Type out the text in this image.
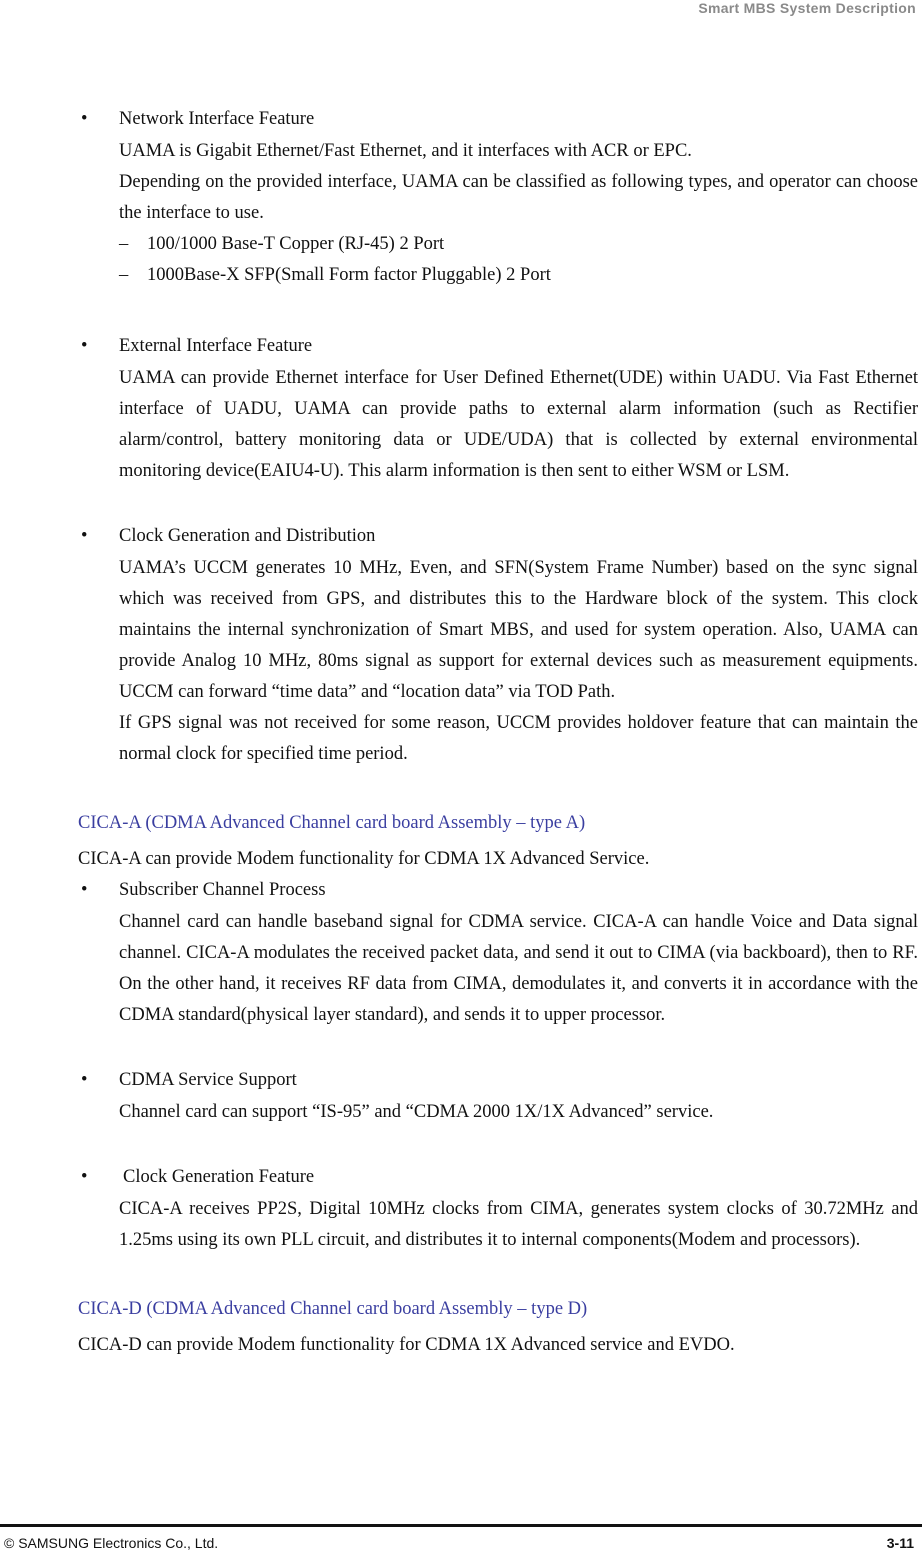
Smart MBS System Description

•	Network Interface Feature

UAMA is Gigabit Ethernet/Fast Ethernet, and it interfaces with ACR or EPC.

Depending on the provided interface, UAMA can be classified as following types, and operator can choose the interface to use.

–	100/1000 Base-T Copper (RJ-45) 2 Port
–	1000Base-X SFP(Small Form factor Pluggable) 2 Port

•	External Interface Feature

UAMA can provide Ethernet interface for User Defined Ethernet(UDE) within UADU. Via Fast Ethernet interface of UADU, UAMA can provide paths to external alarm information (such as Rectifier alarm/control, battery monitoring data or UDE/UDA) that is collected by external environmental monitoring device(EAIU4-U). This alarm information is then sent to either WSM or LSM.

•	Clock Generation and Distribution

UAMA’s UCCM generates 10 MHz, Even, and SFN(System Frame Number) based on the sync signal which was received from GPS, and distributes this to the Hardware block of the system. This clock maintains the internal synchronization of Smart MBS, and used for system operation. Also, UAMA can provide Analog 10 MHz, 80ms signal as support for external devices such as measurement equipments. UCCM can forward “time data” and “location data” via TOD Path.

If GPS signal was not received for some reason, UCCM provides holdover feature that can maintain the normal clock for specified time period.

CICA-A (CDMA Advanced Channel card board Assembly – type A)

CICA-A can provide Modem functionality for CDMA 1X Advanced Service.

•	Subscriber Channel Process

Channel card can handle baseband signal for CDMA service. CICA-A can handle Voice and Data signal channel. CICA-A modulates the received packet data, and send it out to CIMA (via backboard), then to RF. On the other hand, it receives RF data from CIMA, demodulates it, and converts it in accordance with the CDMA standard(physical layer standard), and sends it to upper processor.

•	CDMA Service Support

Channel card can support “IS-95” and “CDMA 2000 1X/1X Advanced” service.

•	Clock Generation Feature

CICA-A receives PP2S, Digital 10MHz clocks from CIMA, generates system clocks of 30.72MHz and 1.25ms using its own PLL circuit, and distributes it to internal components(Modem and processors).

CICA-D (CDMA Advanced Channel card board Assembly – type D)

CICA-D can provide Modem functionality for CDMA 1X Advanced service and EVDO.

© SAMSUNG Electronics Co., Ltd.	3-11
